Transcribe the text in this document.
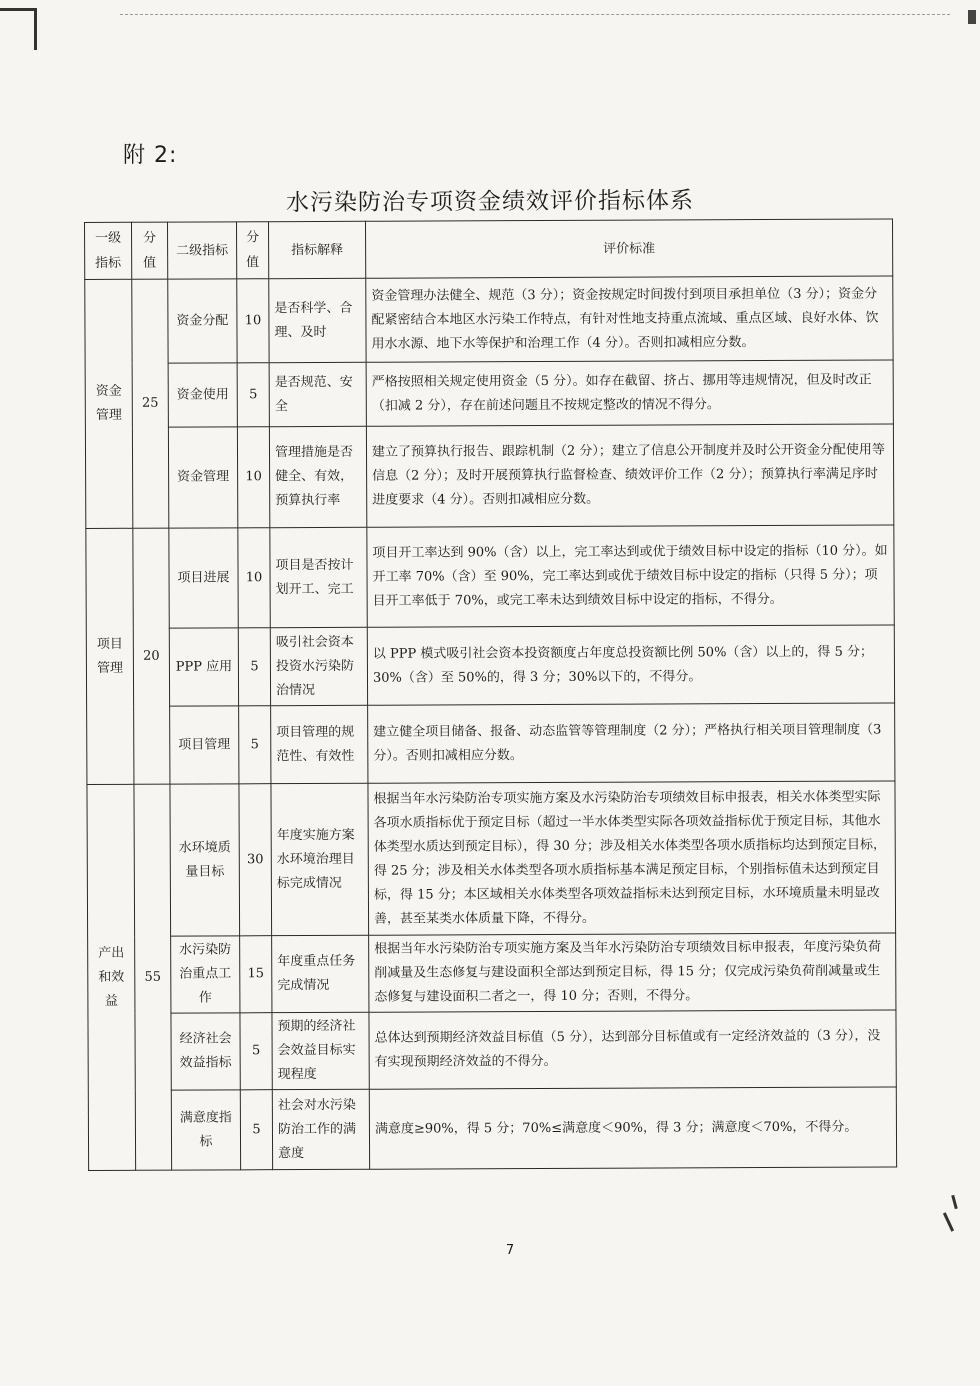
附 2:
水污染防治专项资金绩效评价指标体系
一级指标	分值	二级指标	分值	指标解释	评价标准
资金管理	25	资金分配	10	是否科学、合理、及时	资金管理办法健全、规范（3 分）；资金按规定时间拨付到项目承担单位（3 分）；资金分配紧密结合本地区水污染工作特点，有针对性地支持重点流域、重点区域、良好水体、饮用水水源、地下水等保护和治理工作（4 分）。否则扣减相应分数。
		资金使用	5	是否规范、安全	严格按照相关规定使用资金（5 分）。如存在截留、挤占、挪用等违规情况，但及时改正（扣减 2 分），存在前述问题且不按规定整改的情况不得分。
		资金管理	10	管理措施是否健全、有效，预算执行率	建立了预算执行报告、跟踪机制（2 分）；建立了信息公开制度并及时公开资金分配使用等信息（2 分）；及时开展预算执行监督检查、绩效评价工作（2 分）；预算执行率满足序时进度要求（4 分）。否则扣减相应分数。
项目管理	20	项目进展	10	项目是否按计划开工、完工	项目开工率达到 90%（含）以上，完工率达到或优于绩效目标中设定的指标（10 分）。如开工率 70%（含）至 90%，完工率达到或优于绩效目标中设定的指标（只得 5 分）；项目开工率低于 70%，或完工率未达到绩效目标中设定的指标，不得分。
		PPP 应用	5	吸引社会资本投资水污染防治情况	以 PPP 模式吸引社会资本投资额度占年度总投资额比例 50%（含）以上的，得 5 分；30%（含）至 50%的，得 3 分；30%以下的，不得分。
		项目管理	5	项目管理的规范性、有效性	建立健全项目储备、报备、动态监管等管理制度（2 分）；严格执行相关项目管理制度（3 分）。否则扣减相应分数。
产出和效益	55	水环境质量目标	30	年度实施方案水环境治理目标完成情况	根据当年水污染防治专项实施方案及水污染防治专项绩效目标申报表，相关水体类型实际各项水质指标优于预定目标（超过一半水体类型实际各项效益指标优于预定目标，其他水体类型水质达到预定目标），得 30 分；涉及相关水体类型各项水质指标均达到预定目标，得 25 分；涉及相关水体类型各项水质指标基本满足预定目标，个别指标值未达到预定目标，得 15 分；本区域相关水体类型各项效益指标未达到预定目标，水环境质量未明显改善，甚至某类水体质量下降，不得分。
		水污染防治重点工作	15	年度重点任务完成情况	根据当年水污染防治专项实施方案及当年水污染防治专项绩效目标申报表，年度污染负荷削减量及生态修复与建设面积全部达到预定目标，得 15 分；仅完成污染负荷削减量或生态修复与建设面积二者之一，得 10 分；否则，不得分。
		经济社会效益指标	5	预期的经济社会效益目标实现程度	总体达到预期经济效益目标值（5 分），达到部分目标值或有一定经济效益的（3 分），没有实现预期经济效益的不得分。
		满意度指标	5	社会对水污染防治工作的满意度	满意度≥90%，得 5 分；70%≤满意度＜90%，得 3 分；满意度＜70%，不得分。
7
